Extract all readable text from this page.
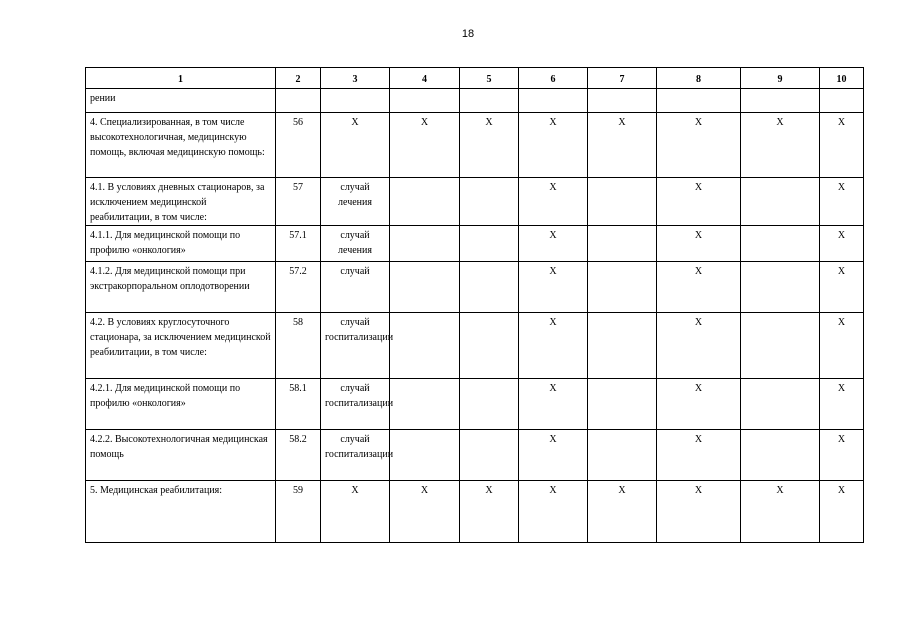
18
1	2	3	4	5	6	7	8	9	10
рении									
4. Специализированная, в том числе высокотехнологичная, медицинскую помощь, включая медицинскую помощь:	56	X	X	X	X	X	X	X	X
4.1. В условиях дневных стационаров, за исключением медицинской реабилитации, в том числе:	57	случай лечения			X		X		X
4.1.1. Для медицинской помощи по профилю «онкология»	57.1	случай лечения			X		X		X
4.1.2. Для медицинской помощи при экстракорпоральном оплодотворении	57.2	случай			X		X		X
4.2. В условиях круглосуточного стационара, за исключением медицинской реабилитации, в том числе:	58	случай госпитализации			X		X		X
4.2.1. Для медицинской помощи по профилю «онкология»	58.1	случай госпитализации			X		X		X
4.2.2. Высокотехнологичная медицинская помощь	58.2	случай госпитализации			X		X		X
5. Медицинская реабилитация:	59	X	X	X	X	X	X	X	X
